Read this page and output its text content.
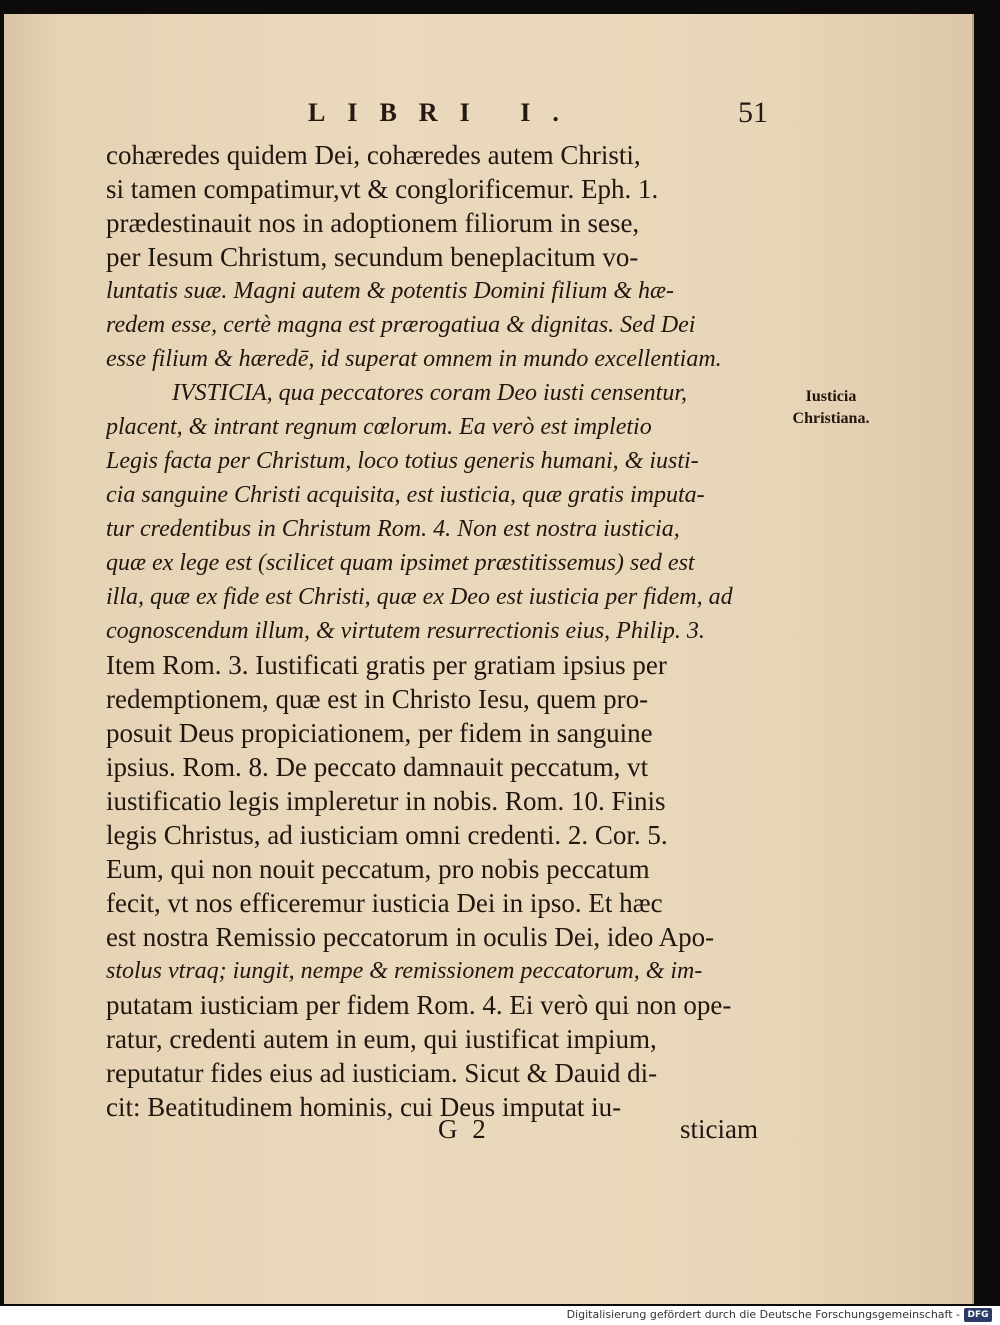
LIBRI I.	51
cohæredes quidem Dei, cohæredes autem Christi,
si tamen compatimur,vt & conglorificemur. Eph. 1.
prædestinauit nos in adoptionem filiorum in sese,
per Iesum Christum, secundum beneplacitum vo-
luntatis suæ. Magni autem & potentis Domini filium & hæ-
redem esse, certè magna est prærogatiua & dignitas. Sed Dei
esse filium & hæredē, id superat omnem in mundo excellentiam.
IVSTICIA, qua peccatores coram Deo iusti censentur,
placent, & intrant regnum cœlorum. Ea verò est impletio
Legis facta per Christum, loco totius generis humani, & iusti-
cia sanguine Christi acquisita, est iusticia, quæ gratis imputa-
tur credentibus in Christum Rom. 4. Non est nostra iusticia,
quæ ex lege est (scilicet quam ipsimet præstitissemus) sed est
illa, quæ ex fide est Christi, quæ ex Deo est iusticia per fidem, ad
cognoscendum illum, & virtutem resurrectionis eius, Philip. 3.
Item Rom. 3. Iustificati gratis per gratiam ipsius per
redemptionem, quæ est in Christo Iesu, quem pro-
posuit Deus propiciationem, per fidem in sanguine
ipsius. Rom. 8. De peccato damnauit peccatum, vt
iustificatio legis impleretur in nobis. Rom. 10. Finis
legis Christus, ad iusticiam omni credenti. 2. Cor. 5.
Eum, qui non nouit peccatum, pro nobis peccatum
fecit, vt nos efficeremur iusticia Dei in ipso. Et hæc
est nostra Remissio peccatorum in oculis Dei, ideo Apo-
stolus vtraq; iungit, nempe & remissionem peccatorum, & im-
putatam iusticiam per fidem Rom. 4. Ei verò qui non ope-
ratur, credenti autem in eum, qui iustificat impium,
reputatur fides eius ad iusticiam. Sicut & Dauid di-
cit: Beatitudinem hominis, cui Deus imputat iu-
Iusticia
Christiana.
G 2	sticiam
Digitalisierung gefördert durch die Deutsche Forschungsgemeinschaft - DFG
